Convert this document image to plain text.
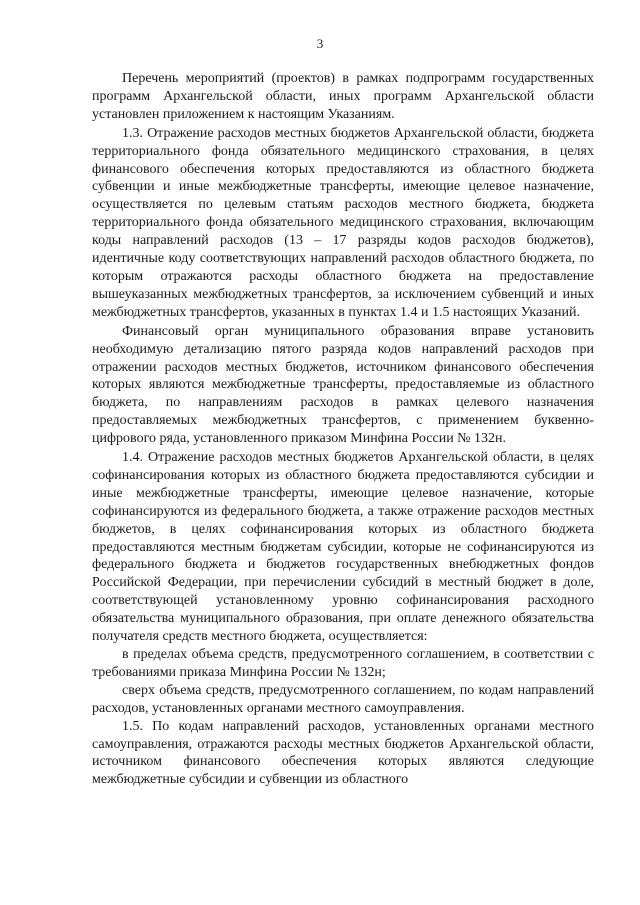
3

Перечень мероприятий (проектов) в рамках подпрограмм государственных программ Архангельской области, иных программ Архангельской области установлен приложением к настоящим Указаниям.

1.3. Отражение расходов местных бюджетов Архангельской области, бюджета территориального фонда обязательного медицинского страхования, в целях финансового обеспечения которых предоставляются из областного бюджета субвенции и иные межбюджетные трансферты, имеющие целевое назначение, осуществляется по целевым статьям расходов местного бюджета, бюджета территориального фонда обязательного медицинского страхования, включающим коды направлений расходов (13 – 17 разряды кодов расходов бюджетов), идентичные коду соответствующих направлений расходов областного бюджета, по которым отражаются расходы областного бюджета на предоставление вышеуказанных межбюджетных трансфертов, за исключением субвенций и иных межбюджетных трансфертов, указанных в пунктах 1.4 и 1.5 настоящих Указаний.

Финансовый орган муниципального образования вправе установить необходимую детализацию пятого разряда кодов направлений расходов при отражении расходов местных бюджетов, источником финансового обеспечения которых являются межбюджетные трансферты, предоставляемые из областного бюджета, по направлениям расходов в рамках целевого назначения предоставляемых межбюджетных трансфертов, с применением буквенно-цифрового ряда, установленного приказом Минфина России № 132н.

1.4. Отражение расходов местных бюджетов Архангельской области, в целях софинансирования которых из областного бюджета предоставляются субсидии и иные межбюджетные трансферты, имеющие целевое назначение, которые софинансируются из федерального бюджета, а также отражение расходов местных бюджетов, в целях софинансирования которых из областного бюджета предоставляются местным бюджетам субсидии, которые не софинансируются из федерального бюджета и бюджетов государственных внебюджетных фондов Российской Федерации, при перечислении субсидий в местный бюджет в доле, соответствующей установленному уровню софинансирования расходного обязательства муниципального образования, при оплате денежного обязательства получателя средств местного бюджета, осуществляется:

в пределах объема средств, предусмотренного соглашением, в соответствии с требованиями приказа Минфина России № 132н;

сверх объема средств, предусмотренного соглашением, по кодам направлений расходов, установленных органами местного самоуправления.

1.5. По кодам направлений расходов, установленных органами местного самоуправления, отражаются расходы местных бюджетов Архангельской области, источником финансового обеспечения которых являются следующие межбюджетные субсидии и субвенции из областного
